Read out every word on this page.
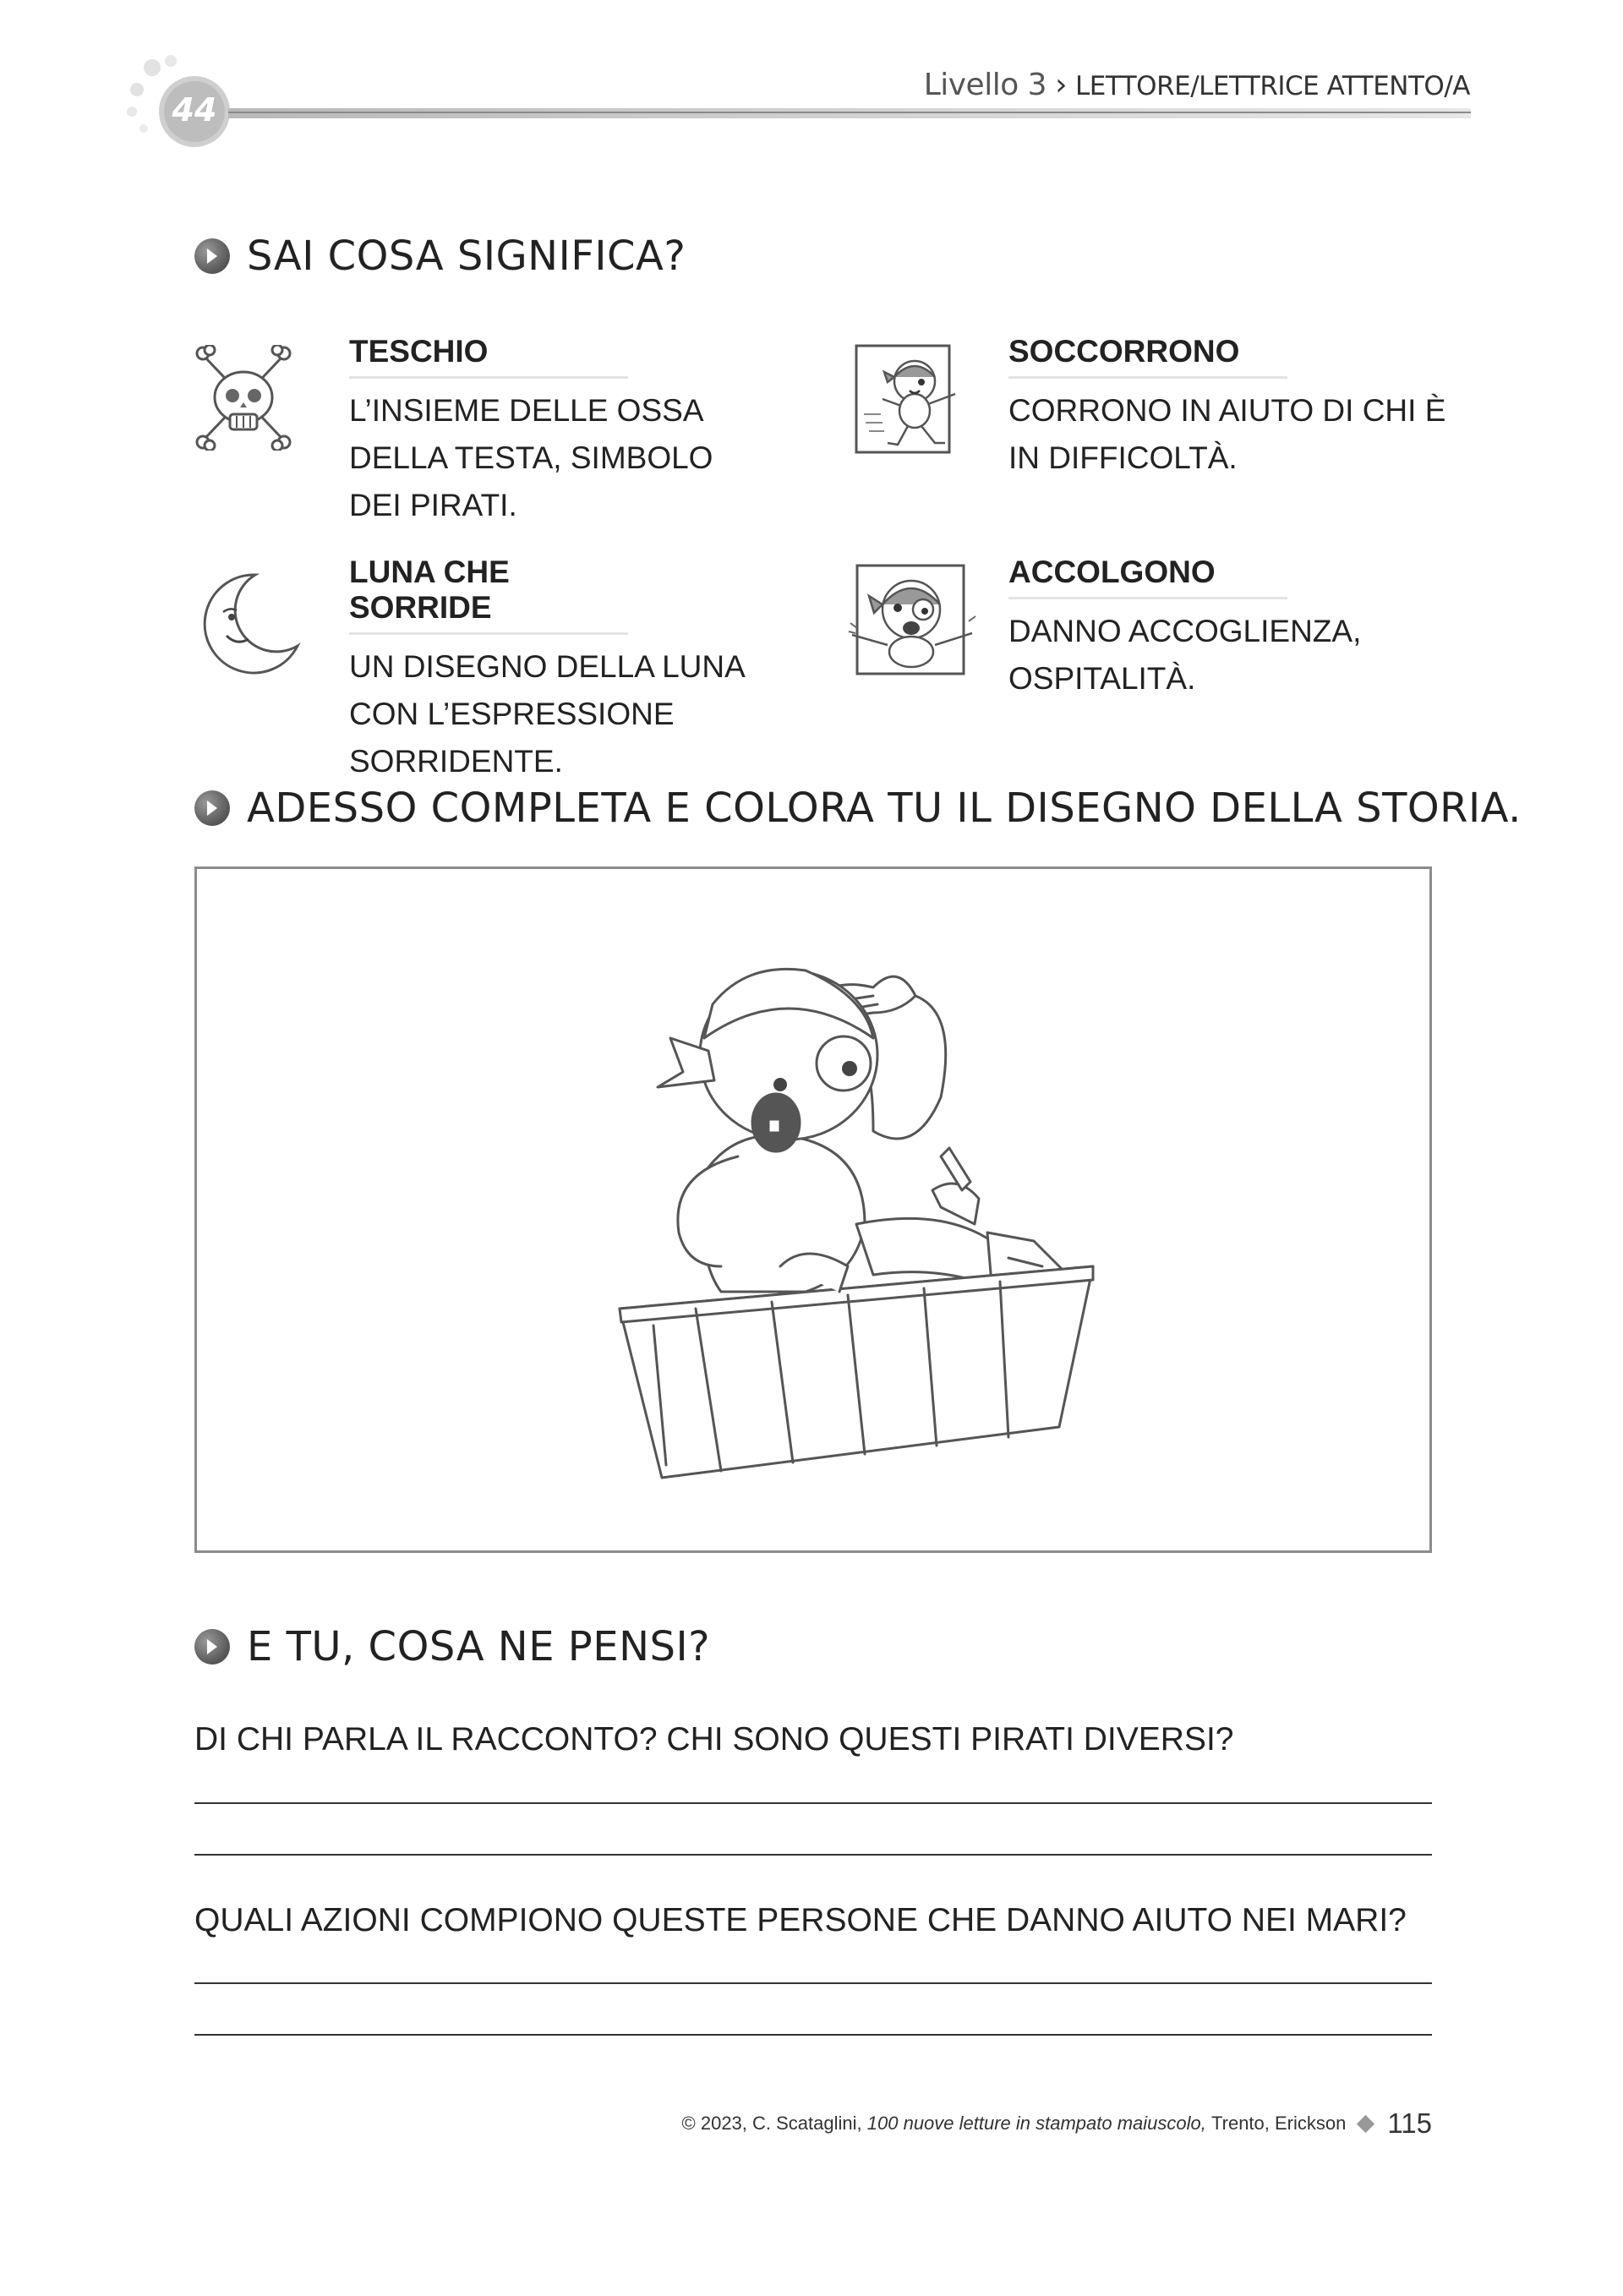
44
Livello 3 › LETTORE/LETTRICE ATTENTO/A
SAI COSA SIGNIFICA?
TESCHIO
L’INSIEME DELLE OSSA DELLA TESTA, SIMBOLO DEI PIRATI.
SOCCORRONO
CORRONO IN AIUTO DI CHI È IN DIFFICOLTÀ.
LUNA CHE SORRIDE
UN DISEGNO DELLA LUNA CON L’ESPRESSIONE SORRIDENTE.
ACCOLGONO
DANNO ACCOGLIENZA, OSPITALITÀ.
ADESSO COMPLETA E COLORA TU IL DISEGNO DELLA STORIA.
E TU, COSA NE PENSI?
DI CHI PARLA IL RACCONTO? CHI SONO QUESTI PIRATI DIVERSI?
QUALI AZIONI COMPIONO QUESTE PERSONE CHE DANNO AIUTO NEI MARI?
© 2023, C. Scataglini,
100 nuove letture in stampato maiuscolo,
Trento, Erickson 115
